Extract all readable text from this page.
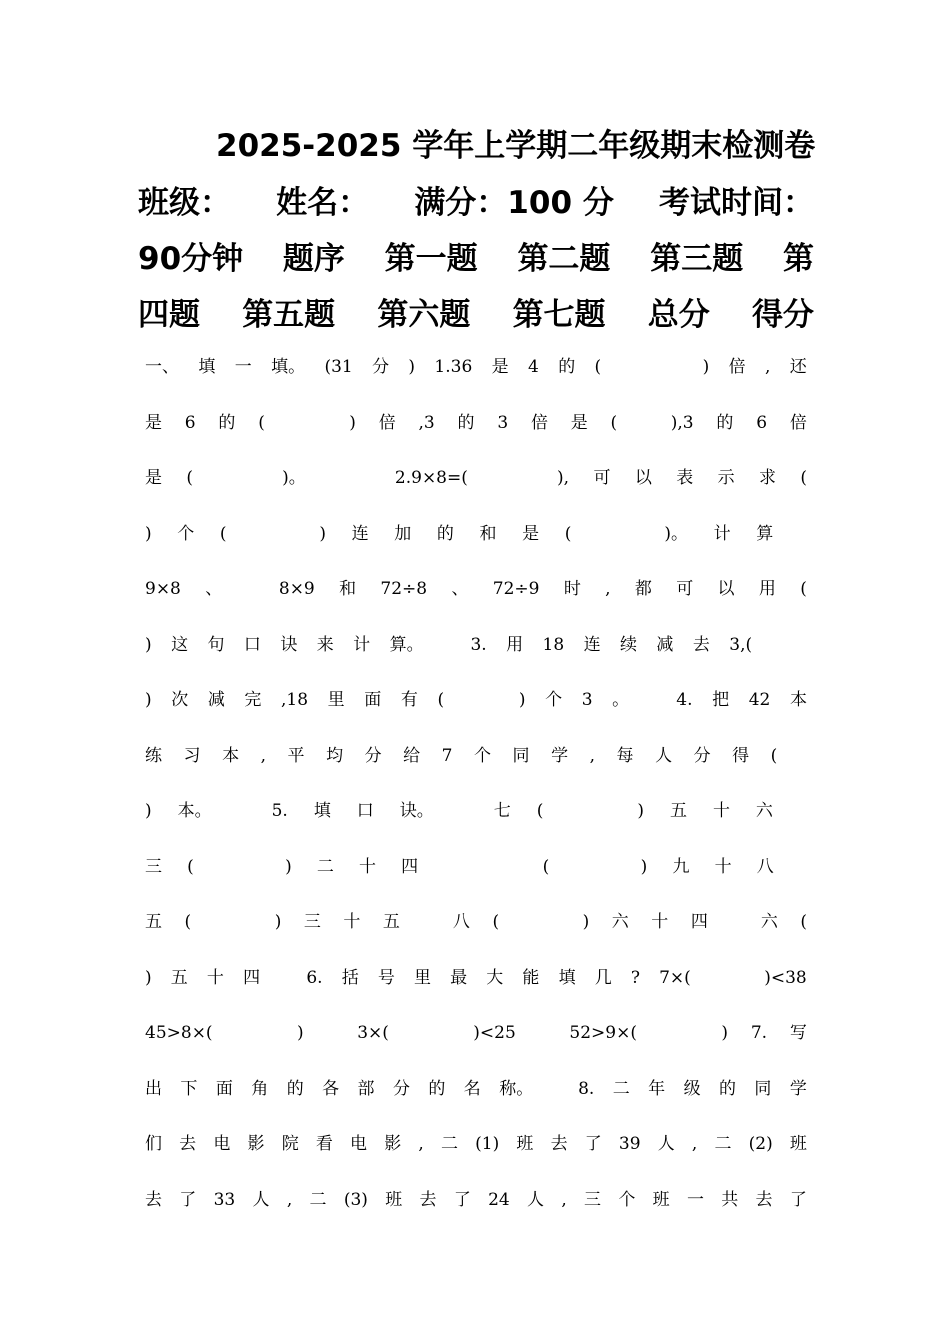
2025-2025 学年上学期二年级期末检测卷
班级： 姓名： 满分：100 分 考试时间：
90分钟 题序 第一题 第二题 第三题 第
四题 第五题 第六题 第七题 总分 得分
一、 填 一 填。 (31 分 ) 1.36 是 4 的 (	) 倍 , 还
是 6 的 (	) 倍 ,3 的 3 倍 是 (	),3 的 6 倍
是 (	)。	2.9×8=(	), 可 以 表 示 求 (
) 个 (	) 连 加 的 和 是 (	)。 计 算
9×8 、	8×9 和 72÷8 、 72÷9 时 , 都 可 以 用 (
) 这 句 口 诀 来 计 算。	3. 用 18 连 续 减 去 3,(
) 次 减 完 ,18 里 面 有 (	) 个 3 。	4. 把 42 本
练 习 本 , 平 均 分 给 7 个 同 学 , 每 人 分 得 (
) 本。	5. 填 口 诀。	七 (	) 五 十 六
三 (	) 二 十 四	(	) 九 十 八
五 (	) 三 十 五	八 (	) 六 十 四	六 (
) 五 十 四	6. 括 号 里 最 大 能 填 几 ? 7×(	)<38
45>8×(	)	3×(	)<25	52>9×(	) 7. 写
出 下 面 角 的 各 部 分 的 名 称。	8. 二 年 级 的 同 学
们 去 电 影 院 看 电 影 , 二 (1) 班 去 了 39 人 , 二 (2) 班
去 了 33 人 , 二 (3) 班 去 了 24 人 , 三 个 班 一 共 去 了
